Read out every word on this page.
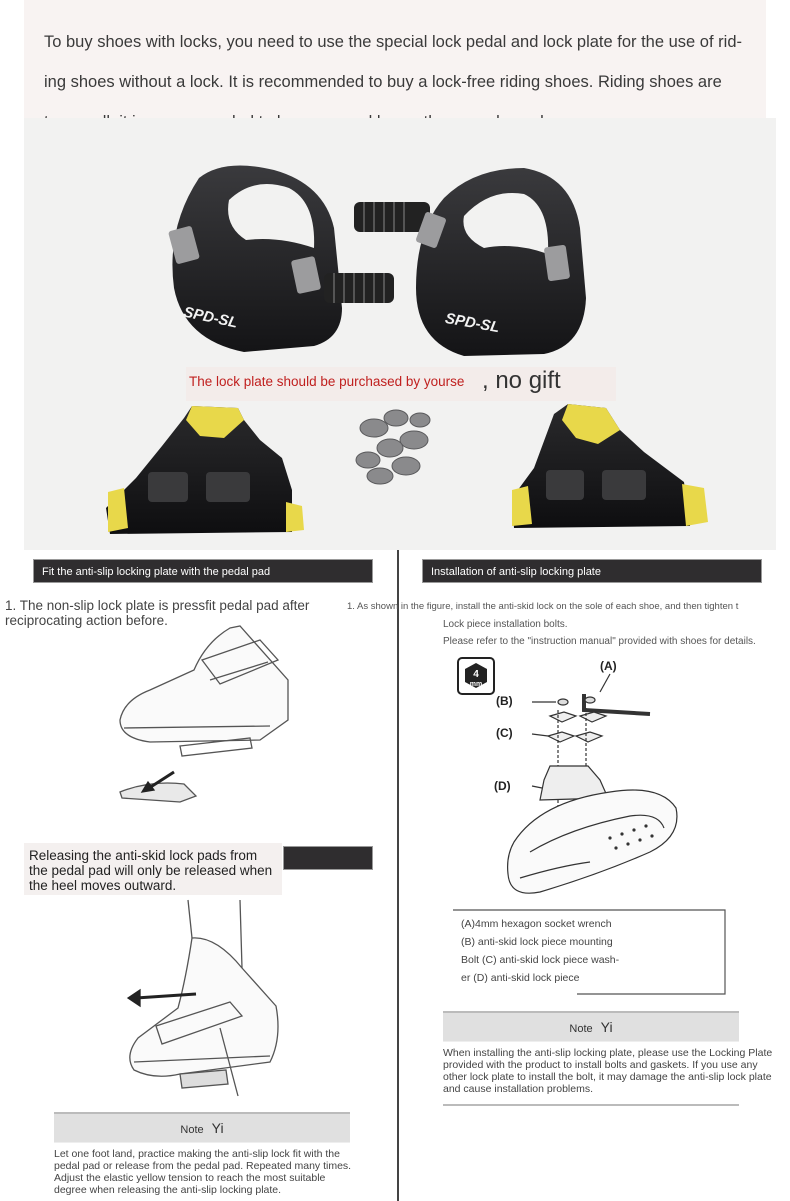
To buy shoes with locks, you need to use the special lock pedal and lock plate for the use of rid-
ing shoes without a lock. It is recommended to buy a lock-free riding shoes. Riding shoes are
SPD-SL	SPD-SL
The lock plate should be purchased by yourse , no gift
Fit the anti-slip locking plate with the pedal pad	Installation of anti-slip locking plate
1. The non-slip lock plate is pressfit pedal pad after reciprocating action before.
Releasing the anti-skid lock pads from the pedal pad will only be released when the heel moves outward.
Note Yi
Let one foot land, practice making the anti-slip lock fit with the pedal pad or release from the pedal pad. Repeated many times. Adjust the elastic yellow tension to reach the most suitable degree when releasing the anti-slip locking plate.
1. As shown in the figure, install the anti-skid lock on the sole of each shoe, and then tighten t
Lock piece installation bolts.
Please refer to the "instruction manual" provided with shoes for details.
4
mm
(A)
(B)
(C)
(D)
(A)4mm hexagon socket wrench
(B) anti-skid lock piece mounting
Bolt (C) anti-skid lock piece wash-
er (D) anti-skid lock piece
Note Yi
When installing the anti-slip locking plate, please use the Locking Plate provided with the product to install bolts and gaskets. If you use any other lock plate to install the bolt, it may damage the anti-slip lock plate and cause installation problems.
